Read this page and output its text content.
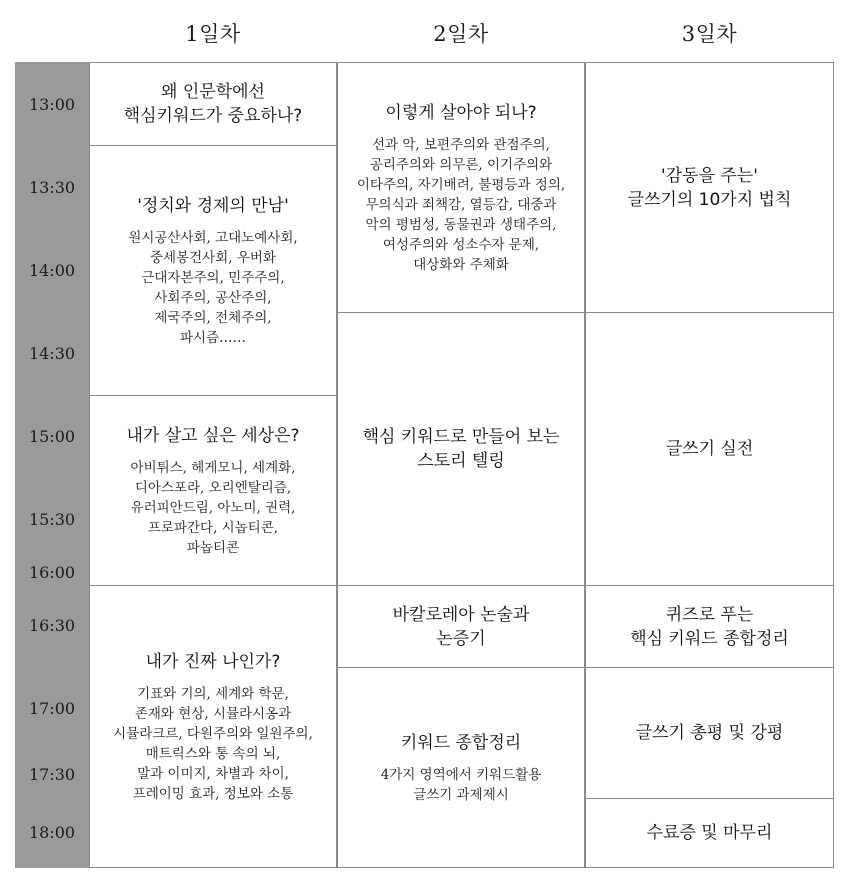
1일차	2일차	3일차
13:00
13:30
14:00
14:30
15:00
15:30
16:00
16:30
17:00
17:30
18:00
왜 인문학에선
핵심키워드가 중요하나?
'정치와 경제의 만남'
원시공산사회, 고대노예사회,
중세봉건사회, 우버화
근대자본주의, 민주주의,
사회주의, 공산주의,
제국주의, 전체주의,
파시즘……
내가 살고 싶은 세상은?
아비튀스, 헤게모니, 세계화,
디아스포라, 오리엔탈리즘,
유러피안드림, 아노미, 권력,
프로파간다, 시놉티콘,
파놉티콘
내가 진짜 나인가?
기표와 기의, 세계와 학문,
존재와 현상, 시뮬라시옹과
시뮬라크르, 다원주의와 일원주의,
매트릭스와 통 속의 뇌,
말과 이미지, 차별과 차이,
프레이밍 효과, 정보와 소통
이렇게 살아야 되나?
선과 악, 보편주의와 관점주의,
공리주의와 의무론, 이기주의와
이타주의, 자기배려, 불평등과 정의,
무의식과 죄책감, 열등감, 대중과
악의 평범성, 동물권과 생태주의,
여성주의와 성소수자 문제,
대상화와 주체화
핵심 키워드로 만들어 보는
스토리 텔링
바칼로레아 논술과
논증기
키워드 종합정리
4가지 영역에서 키워드활용
글쓰기 과제제시
'감동을 주는'
글쓰기의 10가지 법칙
글쓰기 실전
퀴즈로 푸는
핵심 키워드 종합정리
글쓰기 총평 및 강평
수료증 및 마무리
